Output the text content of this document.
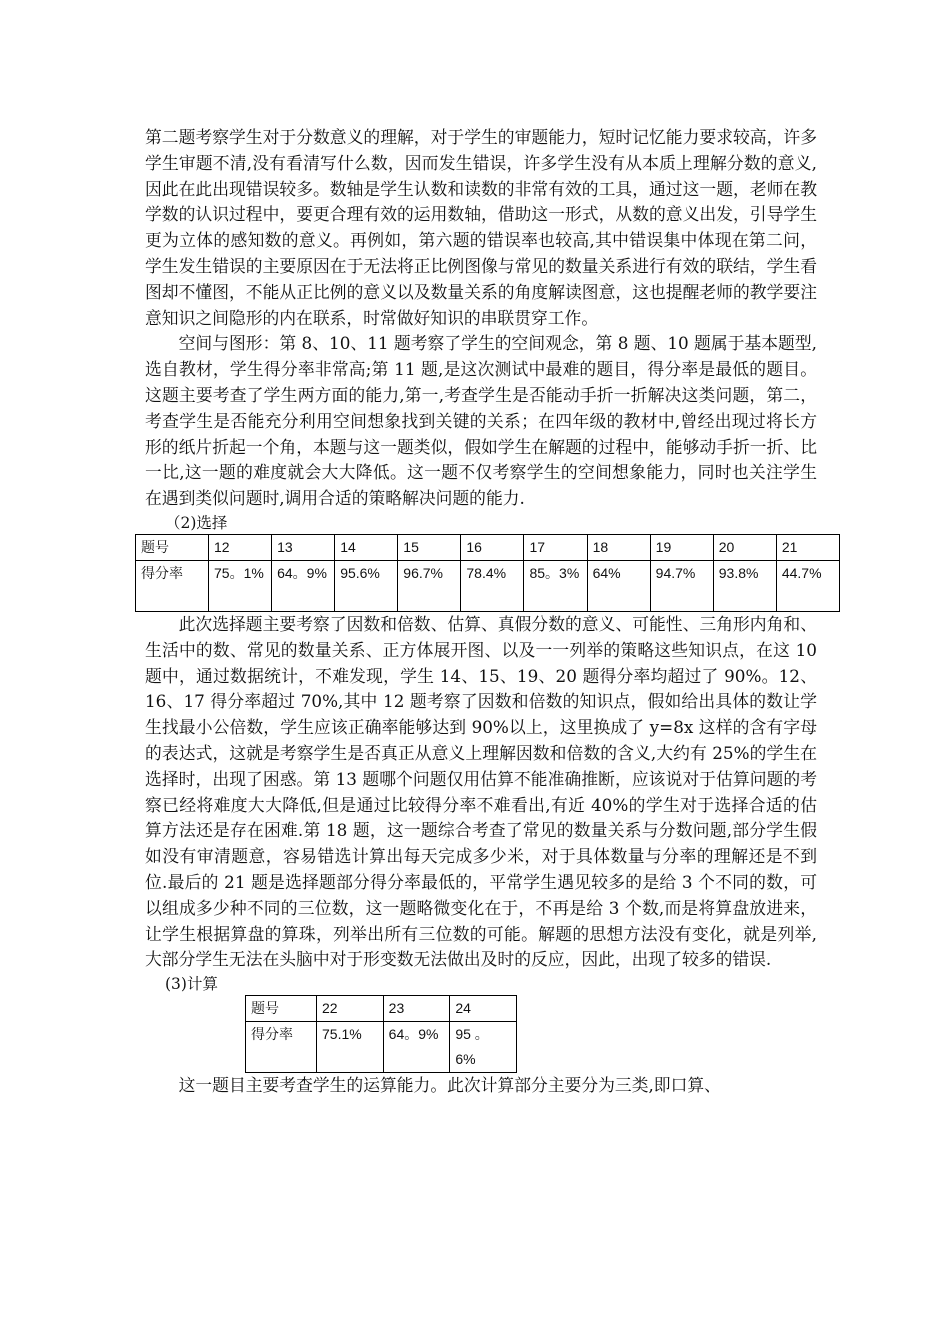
第二题考察学生对于分数意义的理解，对于学生的审题能力，短时记忆能力要求较高，许多学生审题不清,没有看清写什么数，因而发生错误，许多学生没有从本质上理解分数的意义,因此在此出现错误较多。数轴是学生认数和读数的非常有效的工具，通过这一题，老师在教学数的认识过程中，要更合理有效的运用数轴，借助这一形式，从数的意义出发，引导学生更为立体的感知数的意义。再例如，第六题的错误率也较高,其中错误集中体现在第二问，学生发生错误的主要原因在于无法将正比例图像与常见的数量关系进行有效的联结，学生看图却不懂图，不能从正比例的意义以及数量关系的角度解读图意，这也提醒老师的教学要注意知识之间隐形的内在联系，时常做好知识的串联贯穿工作。

空间与图形：第 8、10、11 题考察了学生的空间观念，第 8 题、10 题属于基本题型,选自教材，学生得分率非常高;第 11 题,是这次测试中最难的题目，得分率是最低的题目。这题主要考查了学生两方面的能力,第一,考查学生是否能动手折一折解决这类问题，第二，考查学生是否能充分利用空间想象找到关键的关系；在四年级的教材中,曾经出现过将长方形的纸片折起一个角，本题与这一题类似，假如学生在解题的过程中，能够动手折一折、比一比,这一题的难度就会大大降低。这一题不仅考察学生的空间想象能力，同时也关注学生在遇到类似问题时,调用合适的策略解决问题的能力.

（2)选择
题号	12	13	14	15	16	17	18	19	20	21
得分率	75。1%	64。9%	95.6%	96.7%	78.4%	85。3%	64%	94.7%	93.8%	44.7%

此次选择题主要考察了因数和倍数、估算、真假分数的意义、可能性、三角形内角和、生活中的数、常见的数量关系、正方体展开图、以及一一列举的策略这些知识点，在这 10 题中，通过数据统计，不难发现，学生 14、15、19、20 题得分率均超过了 90%。12、16、17 得分率超过 70%,其中 12 题考察了因数和倍数的知识点，假如给出具体的数让学生找最小公倍数，学生应该正确率能够达到 90%以上，这里换成了 y=8x 这样的含有字母的表达式，这就是考察学生是否真正从意义上理解因数和倍数的含义,大约有 25%的学生在选择时，出现了困惑。第 13 题哪个问题仅用估算不能准确推断，应该说对于估算问题的考察已经将难度大大降低,但是通过比较得分率不难看出,有近 40%的学生对于选择合适的估算方法还是存在困难.第 18 题，这一题综合考查了常见的数量关系与分数问题,部分学生假如没有审清题意，容易错选计算出每天完成多少米，对于具体数量与分率的理解还是不到位.最后的 21 题是选择题部分得分率最低的，平常学生遇见较多的是给 3 个不同的数，可以组成多少种不同的三位数，这一题略微变化在于，不再是给 3 个数,而是将算盘放进来，让学生根据算盘的算珠，列举出所有三位数的可能。解题的思想方法没有变化，就是列举,大部分学生无法在头脑中对于形变数无法做出及时的反应，因此，出现了较多的错误.

(3)计算
题号	22	23	24
得分率	75.1%	64。9%	95 。 6%

这一题目主要考查学生的运算能力。此次计算部分主要分为三类,即口算、
